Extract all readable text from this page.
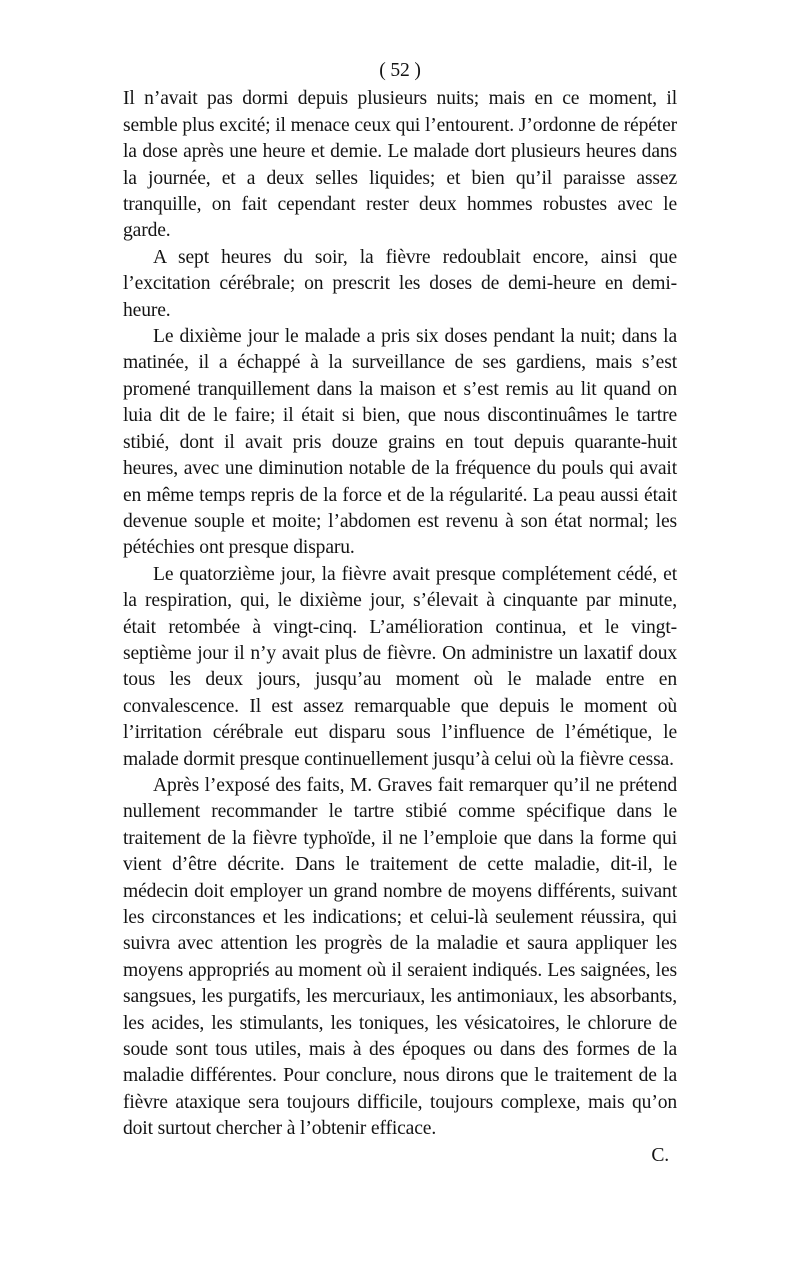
( 52 )

Il n’avait pas dormi depuis plusieurs nuits; mais en ce moment, il semble plus excité; il menace ceux qui l’entourent. J’ordonne de répéter la dose après une heure et demie. Le malade dort plusieurs heures dans la journée, et a deux selles liquides; et bien qu’il paraisse assez tranquille, on fait cependant rester deux hommes robustes avec le garde.

A sept heures du soir, la fièvre redoublait encore, ainsi que l’excitation cérébrale; on prescrit les doses de demi-heure en demi-heure.

Le dixième jour le malade a pris six doses pendant la nuit; dans la matinée, il a échappé à la surveillance de ses gardiens, mais s’est promené tranquillement dans la maison et s’est remis au lit quand on luia dit de le faire; il était si bien, que nous discontinuâmes le tartre stibié, dont il avait pris douze grains en tout depuis quarante-huit heures, avec une diminution notable de la fréquence du pouls qui avait en même temps repris de la force et de la régularité. La peau aussi était devenue souple et moite; l’abdomen est revenu à son état normal; les pétéchies ont presque disparu.

Le quatorzième jour, la fièvre avait presque complétement cédé, et la respiration, qui, le dixième jour, s’élevait à cinquante par minute, était retombée à vingt-cinq. L’amélioration continua, et le vingt-septième jour il n’y avait plus de fièvre. On administre un laxatif doux tous les deux jours, jusqu’au moment où le malade entre en convalescence. Il est assez remarquable que depuis le moment où l’irritation cérébrale eut disparu sous l’influence de l’émétique, le malade dormit presque continuellement jusqu’à celui où la fièvre cessa.

Après l’exposé des faits, M. Graves fait remarquer qu’il ne prétend nullement recommander le tartre stibié comme spécifique dans le traitement de la fièvre typhoïde, il ne l’emploie que dans la forme qui vient d’être décrite. Dans le traitement de cette maladie, dit-il, le médecin doit employer un grand nombre de moyens différents, suivant les circonstances et les indications; et celui-là seulement réussira, qui suivra avec attention les progrès de la maladie et saura appliquer les moyens appropriés au moment où il seraient indiqués. Les saignées, les sangsues, les purgatifs, les mercuriaux, les antimoniaux, les absorbants, les acides, les stimulants, les toniques, les vésicatoires, le chlorure de soude sont tous utiles, mais à des époques ou dans des formes de la maladie différentes. Pour conclure, nous dirons que le traitement de la fièvre ataxique sera toujours difficile, toujours complexe, mais qu’on doit surtout chercher à l’obtenir efficace.

C.
